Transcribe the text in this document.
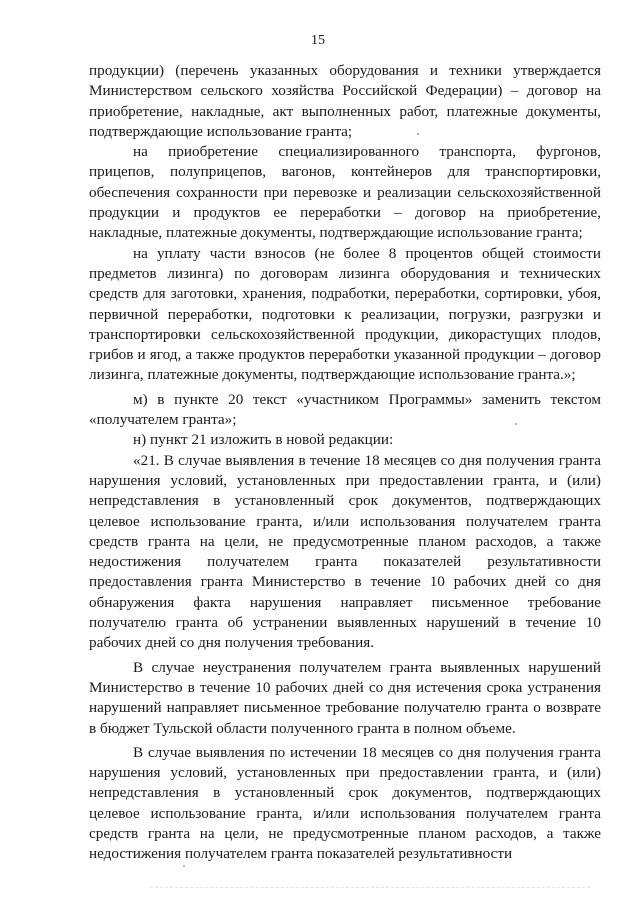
15

продукции) (перечень указанных оборудования и техники утверждается Министерством сельского хозяйства Российской Федерации) – договор на приобретение, накладные, акт выполненных работ, платежные документы, подтверждающие использование гранта;

на приобретение специализированного транспорта, фургонов, прицепов, полуприцепов, вагонов, контейнеров для транспортировки, обеспечения сохранности при перевозке и реализации сельскохозяйственной продукции и продуктов ее переработки – договор на приобретение, накладные, платежные документы, подтверждающие использование гранта;

на уплату части взносов (не более 8 процентов общей стоимости предметов лизинга) по договорам лизинга оборудования и технических средств для заготовки, хранения, подработки, переработки, сортировки, убоя, первичной переработки, подготовки к реализации, погрузки, разгрузки и транспортировки сельскохозяйственной продукции, дикорастущих плодов, грибов и ягод, а также продуктов переработки указанной продукции – договор лизинга, платежные документы, подтверждающие использование гранта.»;

м) в пункте 20 текст «участником Программы» заменить текстом «получателем гранта»;

н) пункт 21 изложить в новой редакции:

«21. В случае выявления в течение 18 месяцев со дня получения гранта нарушения условий, установленных при предоставлении гранта, и (или) непредставления в установленный срок документов, подтверждающих целевое использование гранта, и/или использования получателем гранта средств гранта на цели, не предусмотренные планом расходов, а также недостижения получателем гранта показателей результативности предоставления гранта Министерство в течение 10 рабочих дней со дня обнаружения факта нарушения направляет письменное требование получателю гранта об устранении выявленных нарушений в течение 10 рабочих дней со дня получения требования.

В случае неустранения получателем гранта выявленных нарушений Министерство в течение 10 рабочих дней со дня истечения срока устранения нарушений направляет письменное требование получателю гранта о возврате в бюджет Тульской области полученного гранта в полном объеме.

В случае выявления по истечении 18 месяцев со дня получения гранта нарушения условий, установленных при предоставлении гранта, и (или) непредставления в установленный срок документов, подтверждающих целевое использование гранта, и/или использования получателем гранта средств гранта на цели, не предусмотренные планом расходов, а также недостижения получателем гранта показателей результативности
